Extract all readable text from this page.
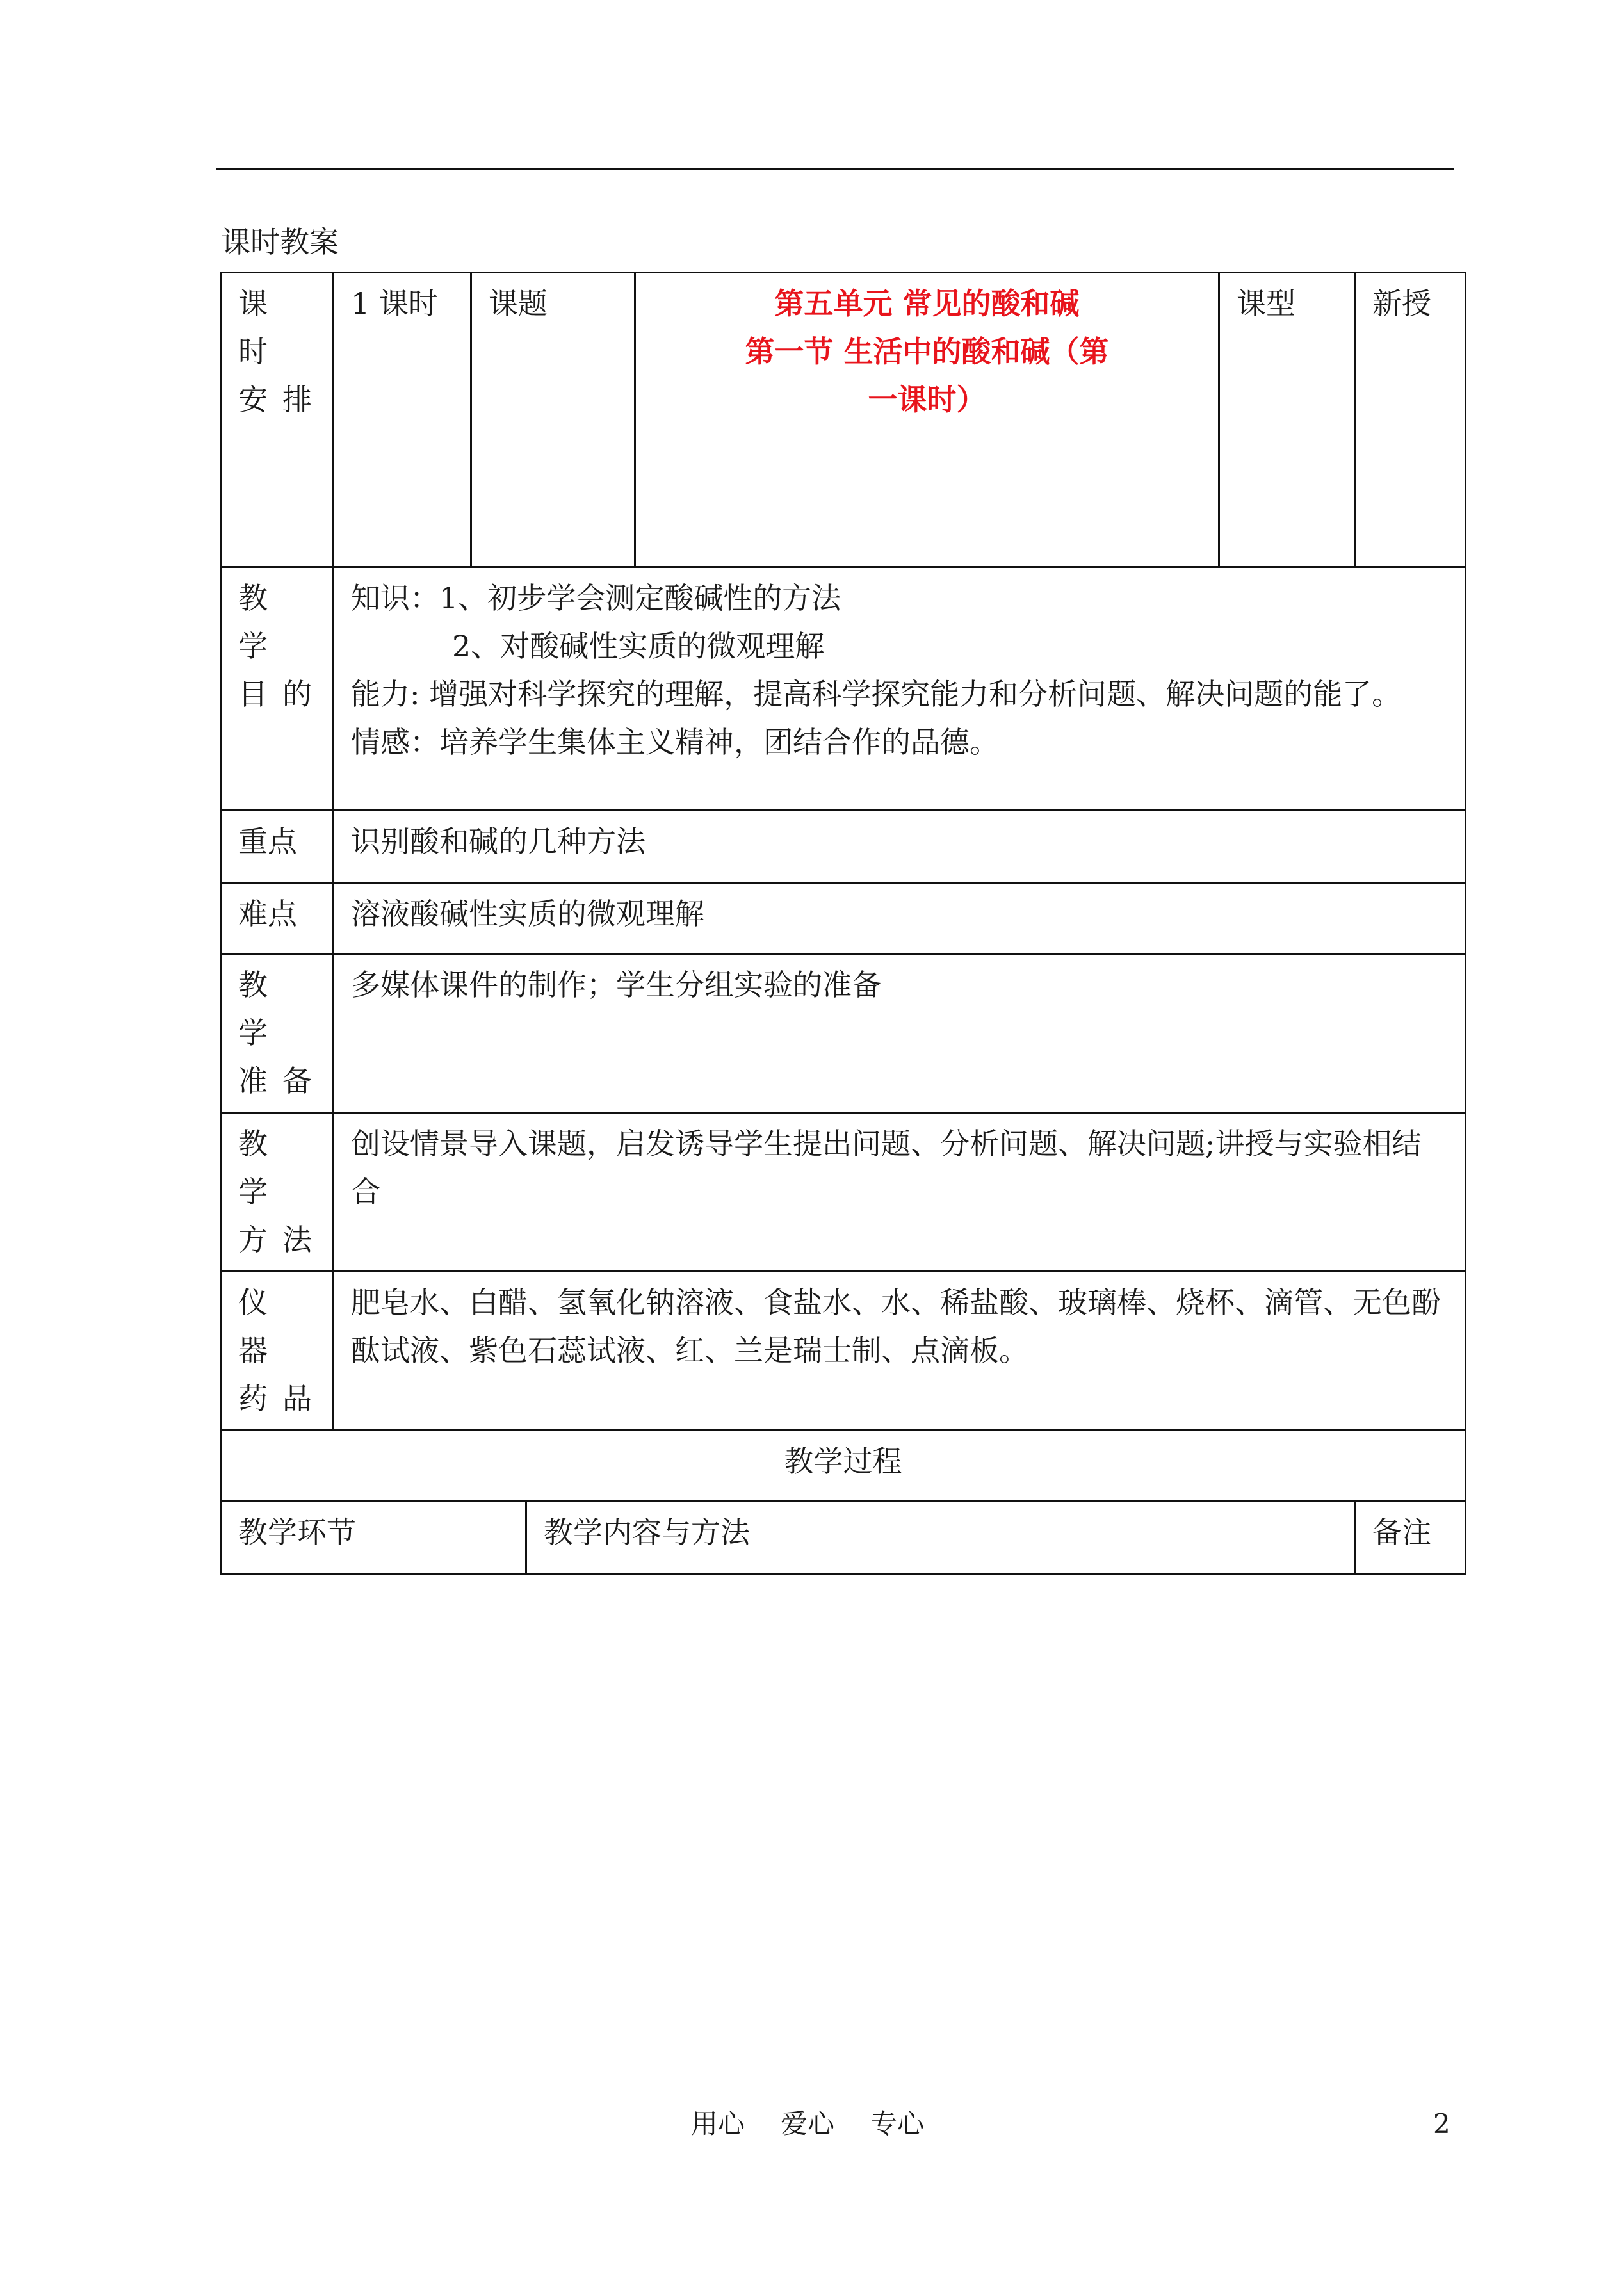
课时教案
课 时 安排	1 课时	课题		第五单元 常见的酸和碱
第一节 生活中的酸和碱（第
一课时）	课型	新授
教 学 目的	知识：1、初步学会测定酸碱性的方法
2、对酸碱性实质的微观理解
能力: 增强对科学探究的理解，提高科学探究能力和分析问题、解决问题的能了。
情感：培养学生集体主义精神，团结合作的品德。					

重点	识别酸和碱的几种方法					
难点	溶液酸碱性实质的微观理解					
教 学 准备	多媒体课件的制作；学生分组实验的准备					
教 学 方法	创设情景导入课题，启发诱导学生提出问题、分析问题、解决问题;讲授与实验相结合					
仪 器 药品	肥皂水、白醋、氢氧化钠溶液、食盐水、水、稀盐酸、玻璃棒、烧杯、滴管、无色酚酞试液、紫色石蕊试液、红、兰是瑞士制、点滴板。					
教学过程						
教学环节			教学内容与方法			备注
用心 爱心 专心	2
